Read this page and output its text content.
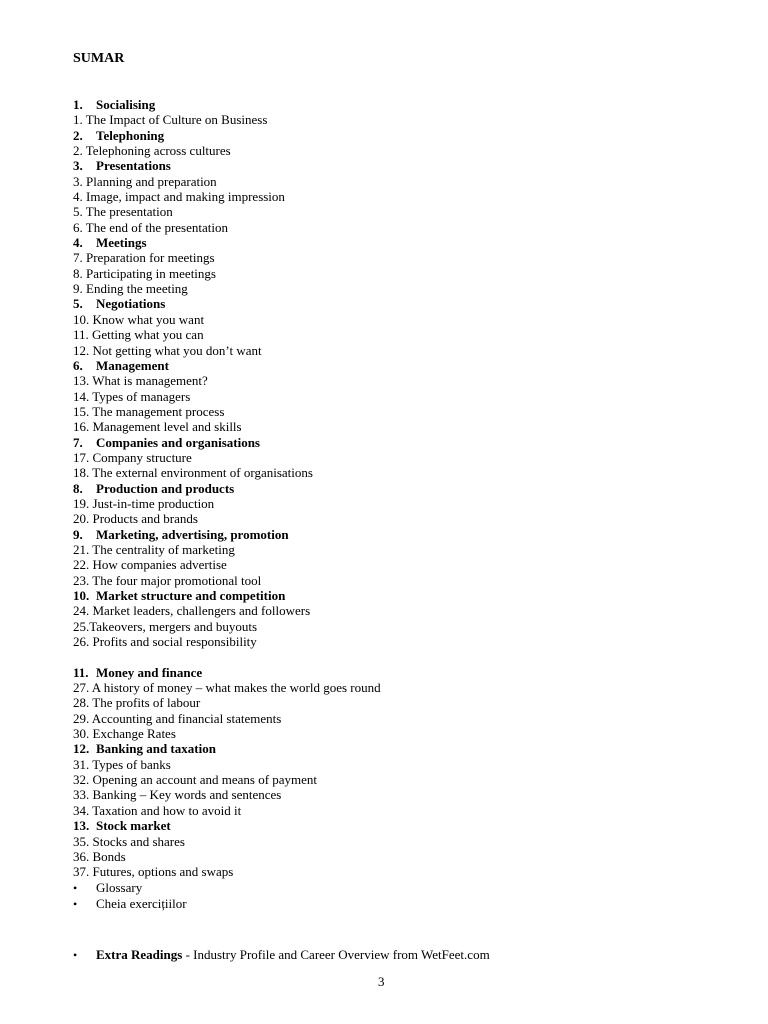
SUMAR
1. Socialising
1. The Impact of Culture on Business
2. Telephoning
2. Telephoning across cultures
3. Presentations
3. Planning and preparation
4. Image, impact and making impression
5. The presentation
6. The end of the presentation
4. Meetings
7. Preparation for meetings
8. Participating in meetings
9. Ending the meeting
5. Negotiations
10. Know what you want
11. Getting what you can
12. Not getting what you don’t want
6. Management
13. What is management?
14. Types of managers
15. The management process
16. Management level and skills
7. Companies and organisations
17. Company structure
18. The external environment of organisations
8. Production and products
19. Just-in-time production
20. Products and brands
9. Marketing, advertising, promotion
21. The centrality of marketing
22. How companies advertise
23. The four major promotional tool
10. Market structure and competition
24. Market leaders, challengers and followers
25.Takeovers, mergers and buyouts
26. Profits and social responsibility
11. Money and finance
27. A history of money – what makes the world goes round
28. The profits of labour
29. Accounting and financial statements
30. Exchange Rates
12. Banking and taxation
31. Types of banks
32. Opening an account and means of payment
33. Banking – Key words and sentences
34. Taxation and how to avoid it
13. Stock market
35. Stocks and shares
36. Bonds
37. Futures, options and swaps
• Glossary
• Cheia exercițiilor
• Extra Readings - Industry Profile and Career Overview from WetFeet.com
3
